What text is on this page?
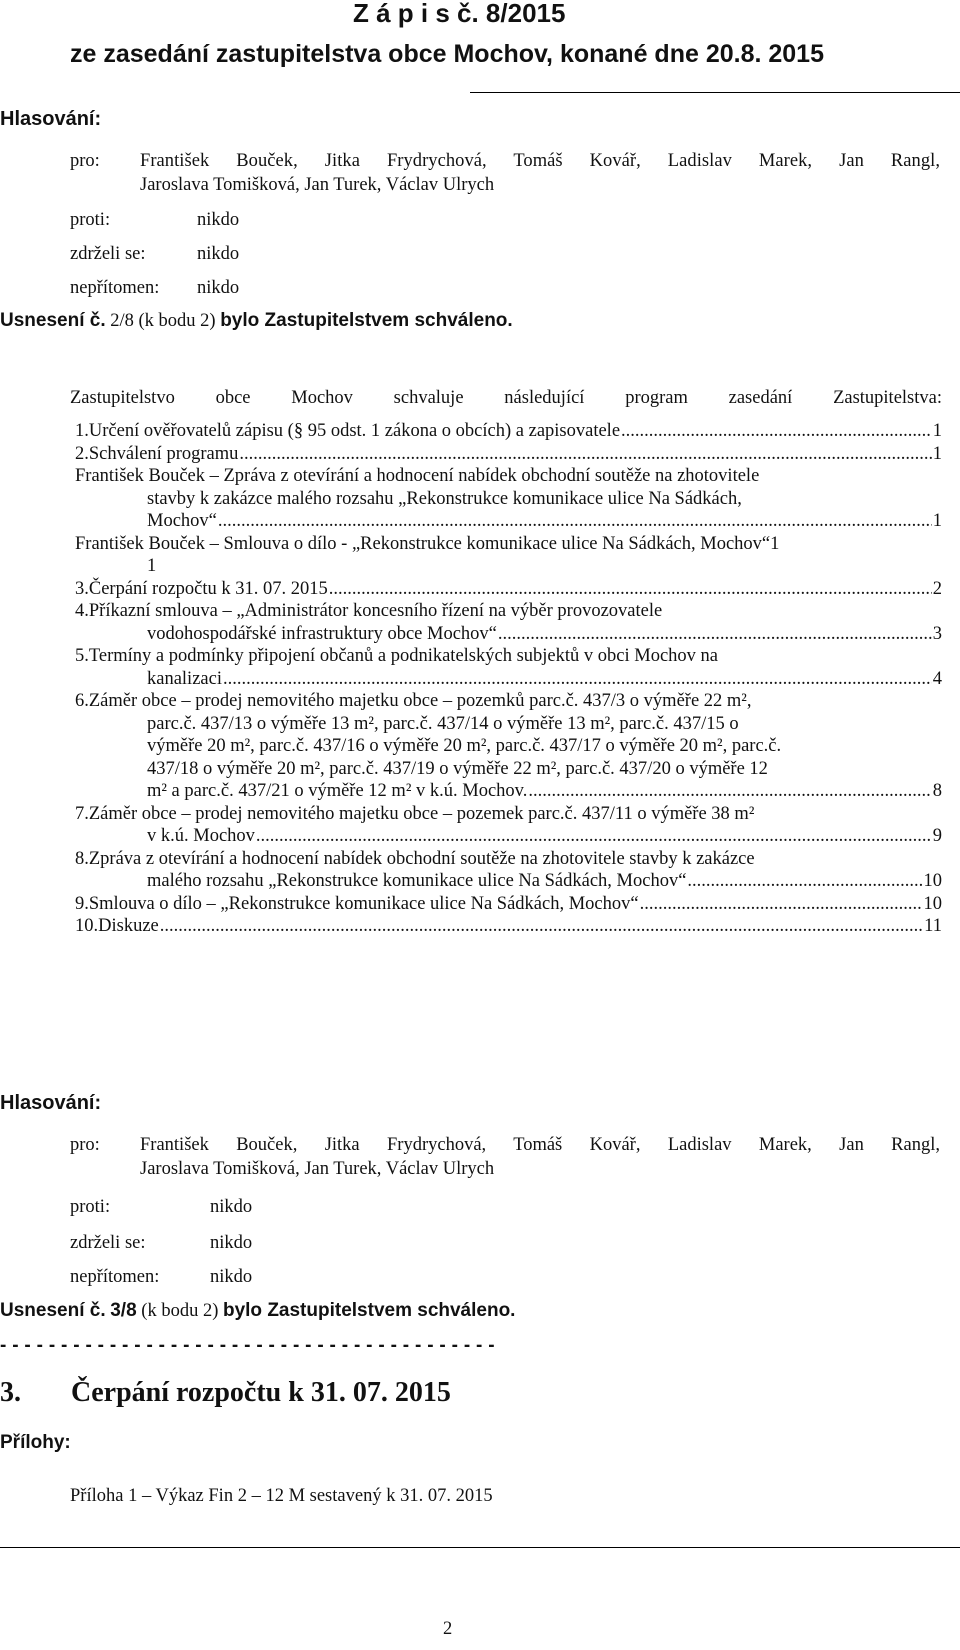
Z á p i s č. 8/2015
ze zasedání zastupitelstva obce Mochov, konané dne 20.8. 2015
Hlasování:
pro: František Bouček, Jitka Frydrychová, Tomáš Kovář, Ladislav Marek, Jan Rangl,
Jaroslava Tomišková, Jan Turek, Václav Ulrych
proti:	nikdo
zdrželi se:	nikdo
nepřítomen: nikdo
Usnesení č. 2/8 (k bodu 2) bylo Zastupitelstvem schváleno.
Zastupitelstvo obce Mochov schvaluje následující program zasedání Zastupitelstva:
1.Určení ověřovatelů zápisu (§ 95 odst. 1 zákona o obcích) a zapisovatele .....	1
2.Schválení programu .....	1
František Bouček – Zpráva z otevírání a hodnocení nabídek obchodní soutěže na zhotovitele
stavby k zakázce malého rozsahu „Rekonstrukce komunikace ulice Na Sádkách,
Mochov“ .....	1
František Bouček – Smlouva o dílo - „Rekonstrukce komunikace ulice Na Sádkách, Mochov“1
1
3.Čerpání rozpočtu k 31. 07. 2015 .....	2
4.Příkazní smlouva – „Administrátor koncesního řízení na výběr provozovatele
vodohospodářské infrastruktury obce Mochov“ .....	3
5.Termíny a podmínky připojení občanů a podnikatelských subjektů v obci Mochov na
kanalizaci .....	4
6.Záměr obce – prodej nemovitého majetku obce – pozemků parc.č. 437/3 o výměře 22 m²,
parc.č. 437/13 o výměře 13 m², parc.č. 437/14 o výměře 13 m², parc.č. 437/15 o
výměře 20 m², parc.č. 437/16 o výměře 20 m², parc.č. 437/17 o výměře 20 m², parc.č.
437/18 o výměře 20 m², parc.č. 437/19 o výměře 22 m², parc.č. 437/20 o výměře 12
m² a parc.č. 437/21 o výměře 12 m² v k.ú. Mochov. .....	8
7.Záměr obce – prodej nemovitého majetku obce – pozemek parc.č. 437/11 o výměře 38 m²
v k.ú. Mochov .....	9
8.Zpráva z otevírání a hodnocení nabídek obchodní soutěže na zhotovitele stavby k zakázce
malého rozsahu „Rekonstrukce komunikace ulice Na Sádkách, Mochov“ .....	10
9.Smlouva o dílo – „Rekonstrukce komunikace ulice Na Sádkách, Mochov“ .....	10
10.Diskuze .....	11
Hlasování:
pro: František Bouček, Jitka Frydrychová, Tomáš Kovář, Ladislav Marek, Jan Rangl,
Jaroslava Tomišková, Jan Turek, Václav Ulrych
proti:	nikdo
zdrželi se:	nikdo
nepřítomen:	nikdo
Usnesení č. 3/8 (k bodu 2) bylo Zastupitelstvem schváleno.
- - - - - - - - - - - - - - - - - - - - - - - - - - - - - - - - - - - - - - - - -
3. Čerpání rozpočtu k 31. 07. 2015
Přílohy:
Příloha 1 – Výkaz Fin 2 – 12 M sestavený k 31. 07. 2015
2
